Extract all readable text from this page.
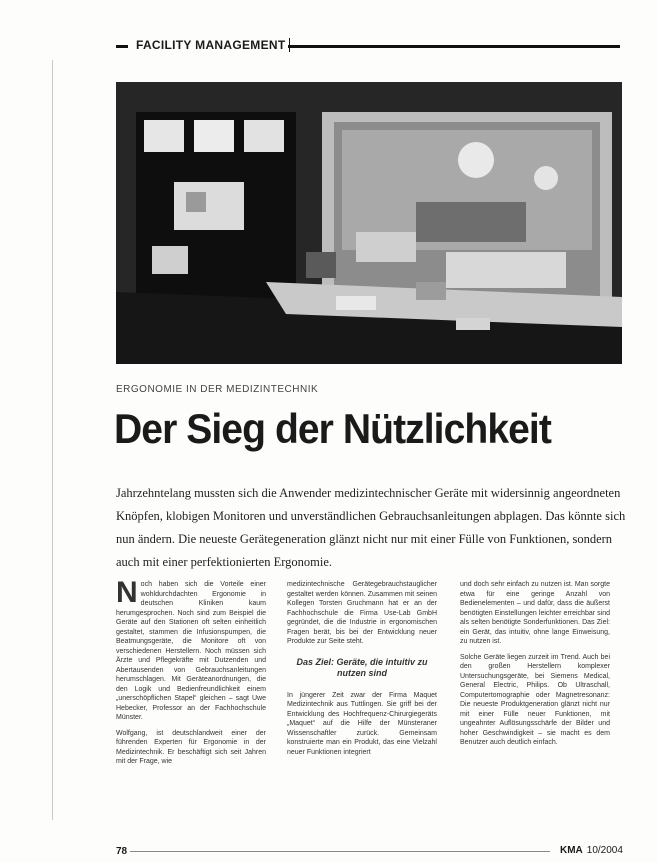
FACILITY MANAGEMENT
ERGONOMIE IN DER MEDIZINTECHNIK
Der Sieg der Nützlichkeit
Jahrzehntelang mussten sich die Anwender medizintechnischer Geräte mit widersinnig angeordneten Knöpfen, klobigen Monitoren und unverständlichen Gebrauchsanleitungen abplagen. Das könnte sich nun ändern. Die neueste Gerätegeneration glänzt nicht nur mit einer Fülle von Funktionen, sondern auch mit einer perfektionierten Ergonomie.

Noch haben sich die Vorteile einer wohldurchdachten Ergonomie in deutschen Kliniken kaum herumgesprochen. Noch sind zum Beispiel die Geräte auf den Stationen oft selten einheitlich gestaltet, stammen die Infusionspumpen, die Beatmungsgeräte, die Monitore oft von verschiedenen Herstellern. Noch müssen sich Ärzte und Pflegekräfte mit Dutzenden und Abertausenden von Gebrauchsanleitungen herumschlagen. Mit Geräteanordnungen, die den Logik und Bedienfreundlichkeit einem „unerschöpflichen Stapel“ gleichen – sagt Uwe Hebecker, Professor an der Fachhochschule Münster.

Wolfgang, ist deutschlandweit einer der führenden Experten für Ergonomie in der Medizintechnik. Er beschäftigt sich seit Jahren mit der Frage, wie

medizintechnische Gerätegebrauchstauglicher gestaltet werden können. Zusammen mit seinen Kollegen Torsten Gruchmann hat er an der Fachhochschule die Firma Use-Lab GmbH gegründet, die die Industrie in ergonomischen Fragen berät, bis bei der Entwicklung neuer Produkte zur Seite steht.

Das Ziel: Geräte, die intuitiv zu nutzen sind

In jüngerer Zeit zwar der Firma Maquet Medizintechnik aus Tuttlingen. Sie griff bei der Entwicklung des Hochfrequenz-Chirurgiegeräts „Maquet“ auf die Hilfe der Münsteraner Wissenschaftler zurück. Gemeinsam konstruierte man ein Produkt, das eine Vielzahl neuer Funktionen integriert

und doch sehr einfach zu nutzen ist. Man sorgte etwa für eine geringe Anzahl von Bedienelementen – und dafür, dass die äußerst benötigten Einstellungen leichter erreichbar sind als selten benötigte Sonderfunktionen. Das Ziel: ein Gerät, das intuitiv, ohne lange Einweisung, zu nutzen ist.

Solche Geräte liegen zurzeit im Trend. Auch bei den großen Herstellern komplexer Untersuchungsgeräte, bei Siemens Medical, General Electric, Philips. Ob Ultraschall, Computertomographie oder Magnetresonanz: Die neueste Produktgeneration glänzt nicht nur mit einer Fülle neuer Funktionen, mit ungeahnter Auflösungsschärfe der Bilder und hoher Geschwindigkeit – sie macht es dem Benutzer auch deutlich einfach.

78	KMA 10/2004
